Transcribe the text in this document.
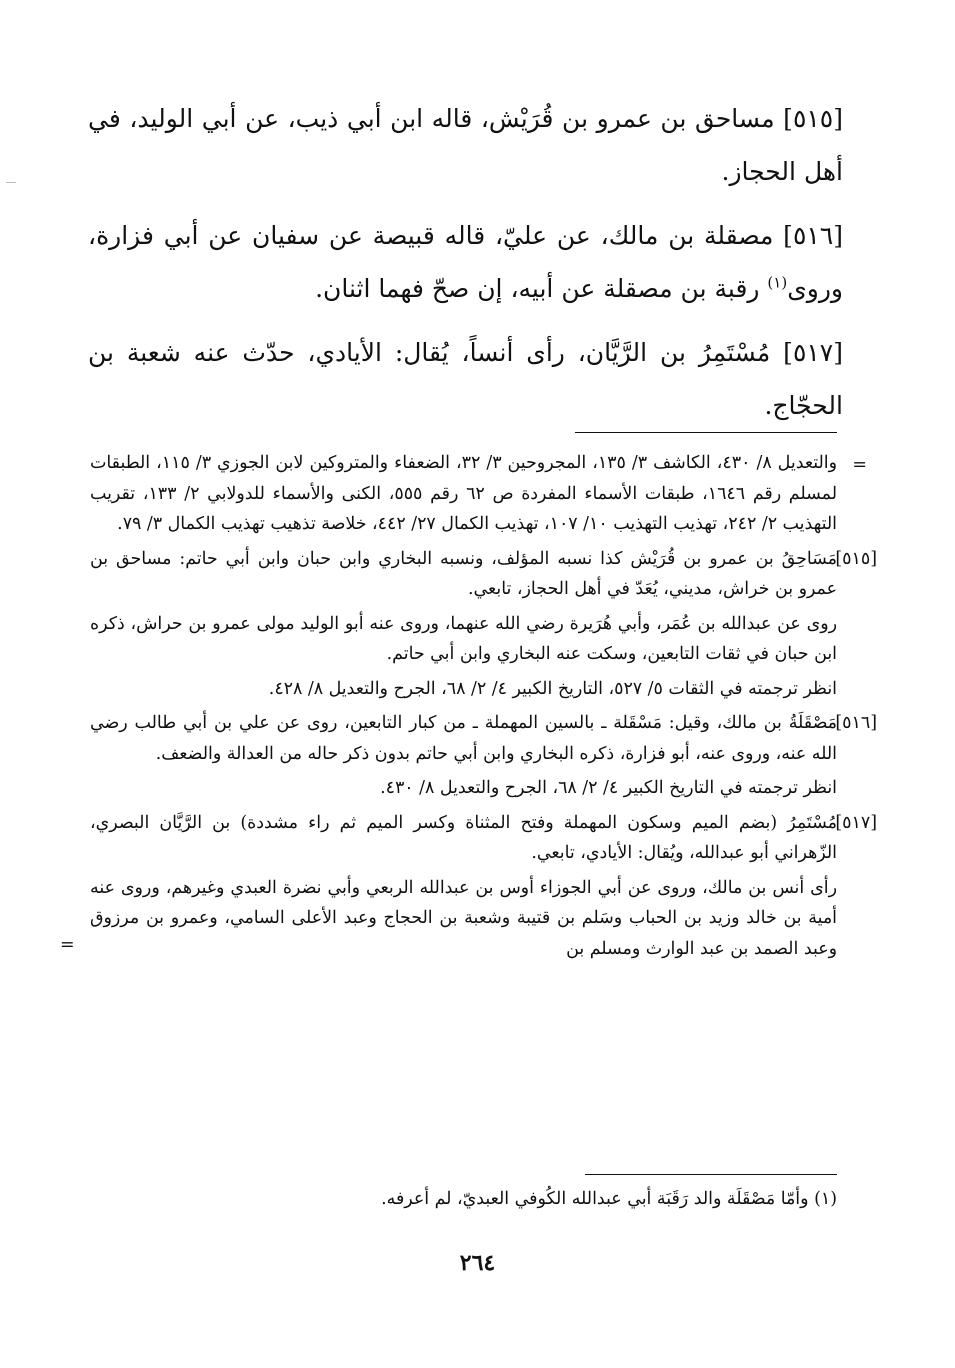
[٥١٥] مساحق بن عمرو بن قُرَيْش، قاله ابن أبي ذيب، عن أبي الوليد، في أهل الحجاز.

[٥١٦] مصقلة بن مالك، عن عليّ، قاله قبيصة عن سفيان عن أبي فزارة، وروى$^{(١)}$ رقبة بن مصقلة عن أبيه، إن صحّ فهما اثنان.

[٥١٧] مُسْتَمِرُ بن الرَّيَّان، رأى أنساً، يُقال: الأيادي، حدّث عنه شعبة بن الحجّاج.

=

والتعديل ٨/ ٤٣٠، الكاشف ٣/ ١٣٥، المجروحين ٣/ ٣٢، الضعفاء والمتروكين لابن الجوزي ٣/ ١١٥، الطبقات لمسلم رقم ١٦٤٦، طبقات الأسماء المفردة ص ٦٢ رقم ٥٥٥، الكنى والأسماء للدولابي ٢/ ١٣٣، تقريب التهذيب ٢/ ٢٤٢، تهذيب التهذيب ١٠/ ١٠٧، تهذيب الكمال ٢٧/ ٤٤٢، خلاصة تذهيب تهذيب الكمال ٣/ ٧٩.

[٥١٥]

مَسَاحِقُ بن عمرو بن قُرَيْش كذا نسبه المؤلف، ونسبه البخاري وابن حبان وابن أبي حاتم: مساحق بن عمرو بن خراش، مديني، يُعَدّ في أهل الحجاز، تابعي.

روى عن عبدالله بن عُمَر، وأبي هُرَيرة رضي الله عنهما، وروى عنه أبو الوليد مولى عمرو بن حراش، ذكره ابن حبان في ثقات التابعين، وسكت عنه البخاري وابن أبي حاتم.

انظر ترجمته في الثقات ٥/ ٥٢٧، التاريخ الكبير ٤/ ٢/ ٦٨، الجرح والتعديل ٨/ ٤٢٨.

[٥١٦]

مَصْقَلَةُ بن مالك، وقيل: مَسْقَلة ـ بالسين المهملة ـ من كبار التابعين، روى عن علي بن أبي طالب رضي الله عنه، وروى عنه، أبو فزارة، ذكره البخاري وابن أبي حاتم بدون ذكر حاله من العدالة والضعف.

انظر ترجمته في التاريخ الكبير ٤/ ٢/ ٦٨، الجرح والتعديل ٨/ ٤٣٠.

[٥١٧]

مُسْتَمِرُ (بضم الميم وسكون المهملة وفتح المثناة وكسر الميم ثم راء مشددة) بن الرَّيَّان البصري، الزّهراني أبو عبدالله، ويُقال: الأيادي، تابعي.

رأى أنس بن مالك، وروى عن أبي الجوزاء أوس بن عبدالله الربعي وأبي نضرة العبدي وغيرهم، وروى عنه أمية بن خالد وزيد بن الحباب وسَلم بن قتيبة وشعبة بن الحجاج وعبد الأعلى السامي، وعمرو بن مرزوق وعبد الصمد بن عبد الوارث ومسلم بن

=
(١) وأمّا مَصْقَلَة والد رَقَبَة أبي عبدالله الكُوفي العبديّ، لم أعرفه.
٢٦٤
